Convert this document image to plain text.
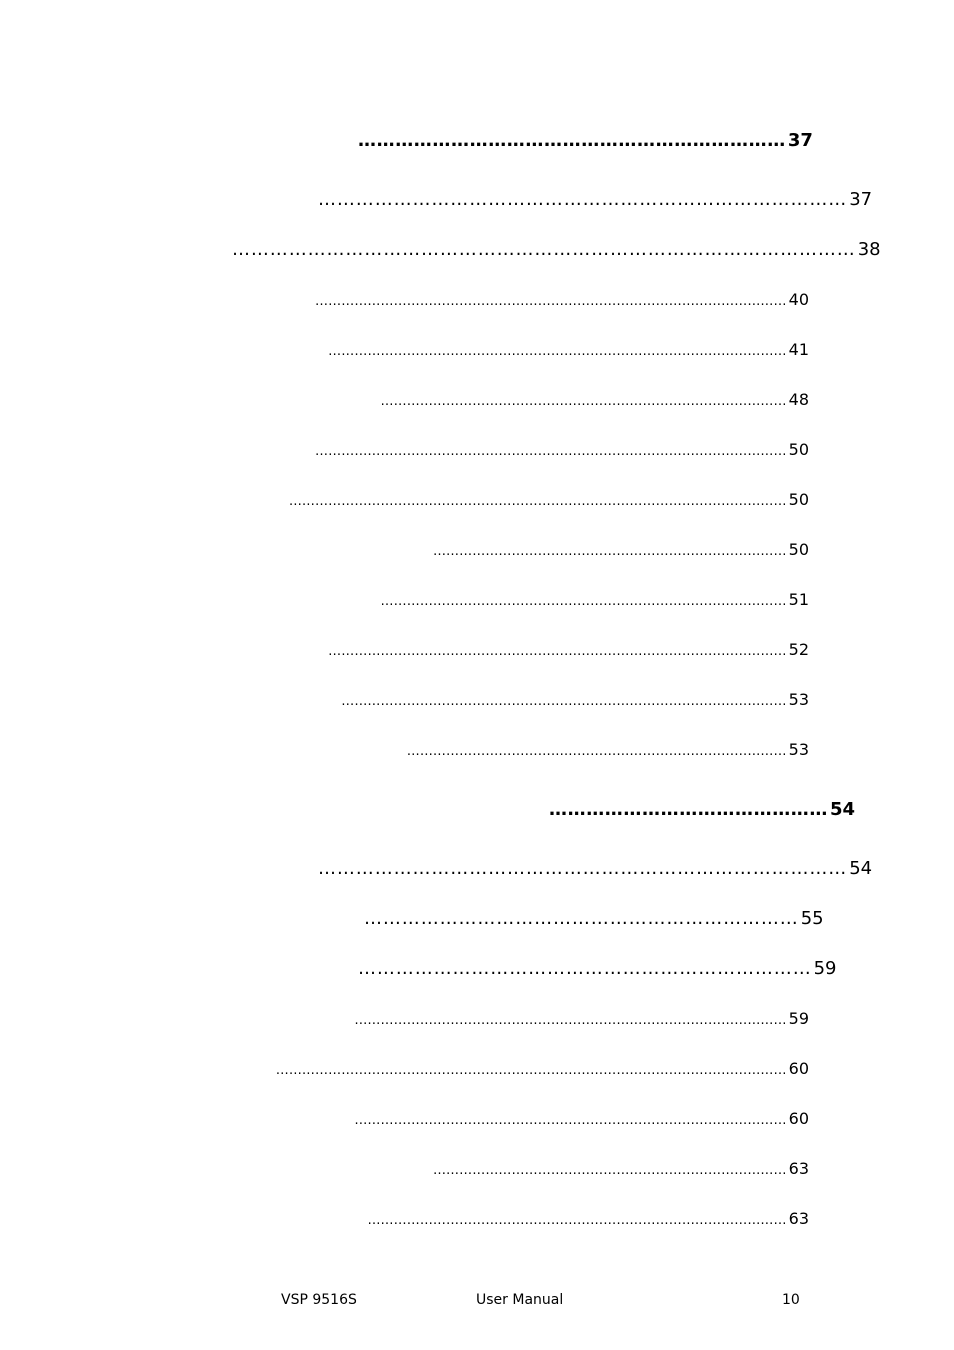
…………………………………………………………… 37
………………………………………………………………………… 37
……………………………………………………………………………………… 38
……………………………………………………………………………………………… 40
…………………………………………………………………………………………… 41
………………………………………………………………………………… 48
……………………………………………………………………………………………… 50
…………………………………………………………………………………………………… 50
……………………………………………………………………… 50
………………………………………………………………………………… 51
…………………………………………………………………………………………… 52
………………………………………………………………………………………… 53
…………………………………………………………………………… 53
……………………………………… 54
………………………………………………………………………… 54
…………………………………………………………… 55
……………………………………………………………… 59
……………………………………………………………………………………… 59
……………………………………………………………………………………………………… 60
……………………………………………………………………………………… 60
……………………………………………………………………… 63
…………………………………………………………………………………… 63
VSP 9516S	User Manual	10
